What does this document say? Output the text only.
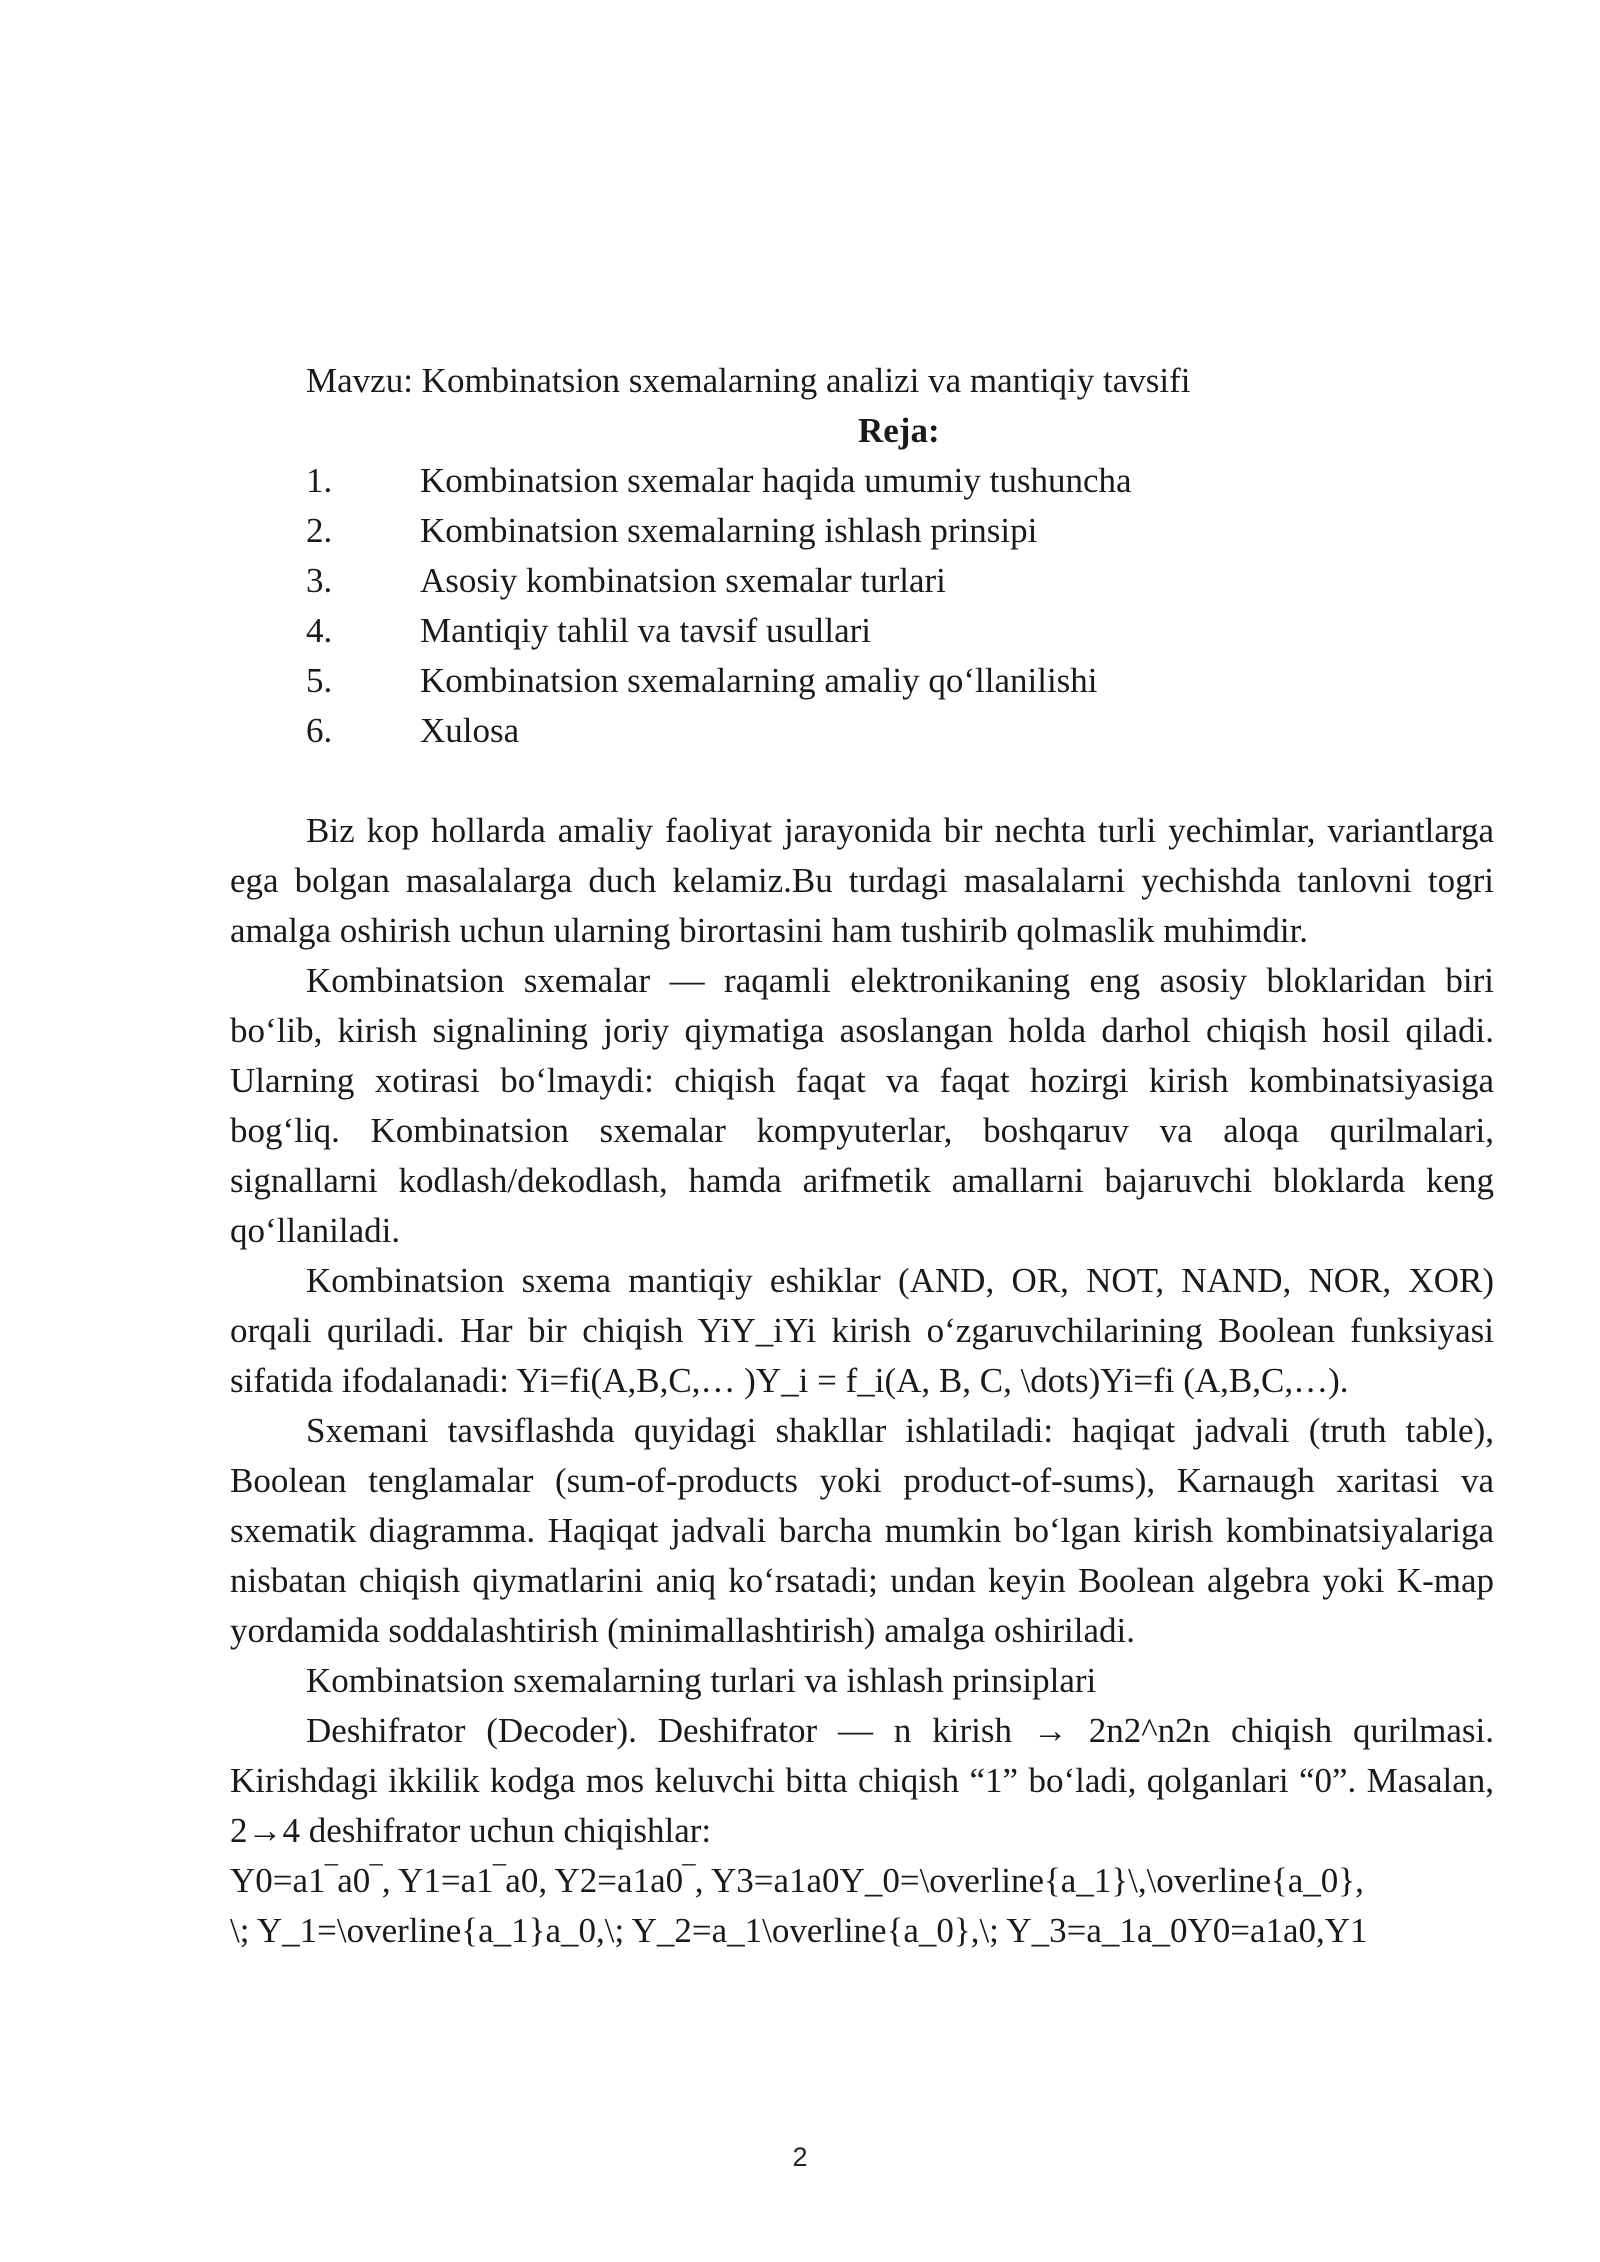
Mavzu: Kombinatsion sxemalarning analizi va mantiqiy tavsifi

Reja:

1.	Kombinatsion sxemalar haqida umumiy tushuncha
2.	Kombinatsion sxemalarning ishlash prinsipi
3.	Asosiy kombinatsion sxemalar turlari
4.	Mantiqiy tahlil va tavsif usullari
5.	Kombinatsion sxemalarning amaliy qo‘llanilishi
6.	Xulosa

Biz kop hollarda amaliy faoliyat jarayonida bir nechta turli yechimlar, variantlarga ega bolgan masalalarga duch kelamiz.Bu turdagi masalalarni yechishda tanlovni togri amalga oshirish uchun ularning birortasini ham tushirib qolmaslik muhimdir.

Kombinatsion sxemalar — raqamli elektronikaning eng asosiy bloklaridan biri bo‘lib, kirish signalining joriy qiymatiga asoslangan holda darhol chiqish hosil qiladi. Ularning xotirasi bo‘lmaydi: chiqish faqat va faqat hozirgi kirish kombinatsiyasiga bog‘liq. Kombinatsion sxemalar kompyuterlar, boshqaruv va aloqa qurilmalari, signallarni kodlash/dekodlash, hamda arifmetik amallarni bajaruvchi bloklarda keng qo‘llaniladi.

Kombinatsion sxema mantiqiy eshiklar (AND, OR, NOT, NAND, NOR, XOR) orqali quriladi. Har bir chiqish YiY_iYi kirish o‘zgaruvchilarining Boolean funksiyasi sifatida ifodalanadi: Yi=fi(A,B,C,… )Y_i = f_i(A, B, C, \dots)Yi=fi (A,B,C,…).

Sxemani tavsiflashda quyidagi shakllar ishlatiladi: haqiqat jadvali (truth table), Boolean tenglamalar (sum-of-products yoki product-of-sums), Karnaugh xaritasi va sxematik diagramma. Haqiqat jadvali barcha mumkin bo‘lgan kirish kombinatsiyalariga nisbatan chiqish qiymatlarini aniq ko‘rsatadi; undan keyin Boolean algebra yoki K-map yordamida soddalashtirish (minimallashtirish) amalga oshiriladi.

Kombinatsion sxemalarning turlari va ishlash prinsiplari

Deshifrator (Decoder). Deshifrator — n kirish → 2n2^n2n chiqish qurilmasi. Kirishdagi ikkilik kodga mos keluvchi bitta chiqish “1” bo‘ladi, qolganlari “0”. Masalan, 2→4 deshifrator uchun chiqishlar:

Y0=a1‾a0‾, Y1=a1‾a0, Y2=a1a0‾, Y3=a1a0Y_0=\overline{a_1}\,\overline{a_0},

\; Y_1=\overline{a_1}a_0,\; Y_2=a_1\overline{a_0},\; Y_3=a_1a_0Y0=a1a0,Y1

2
